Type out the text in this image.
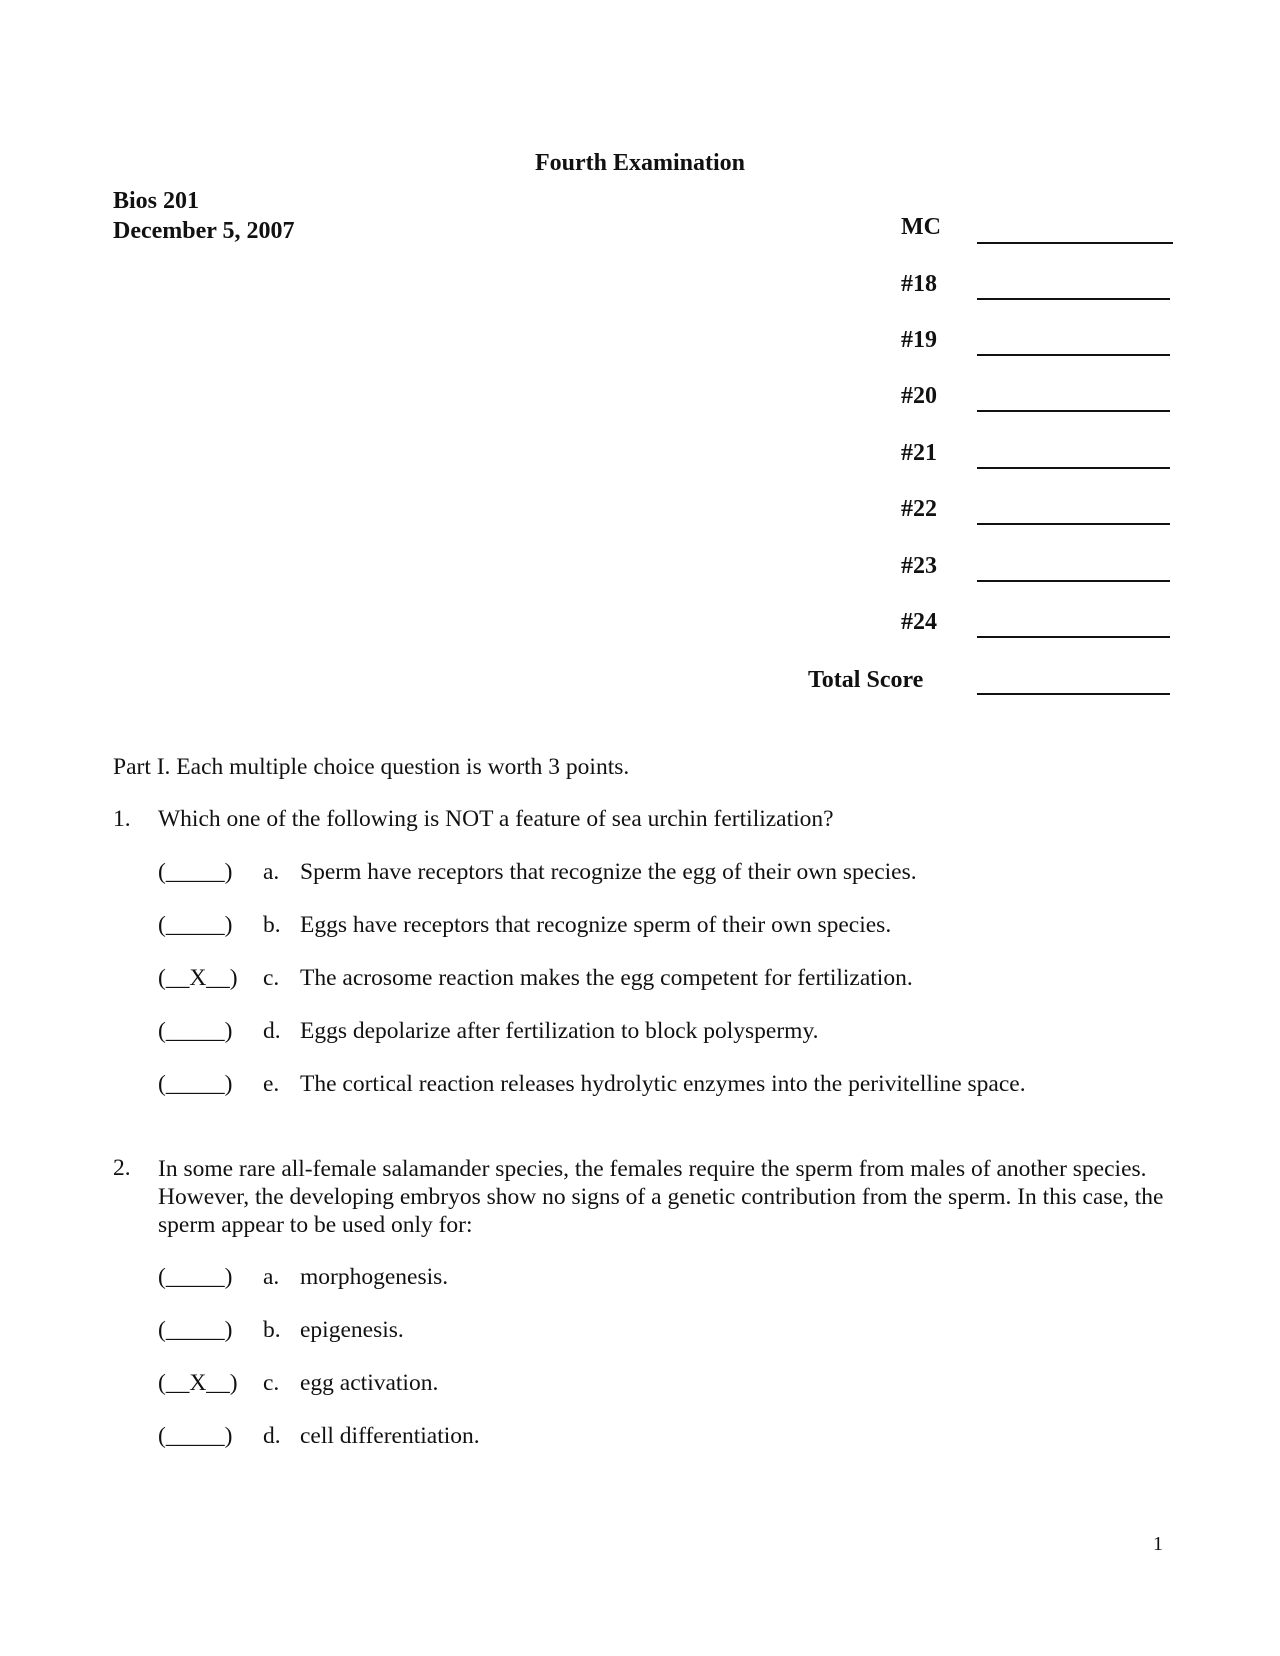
Fourth Examination
Bios 201
December 5, 2007	MC
#18
#19
#20
#21
#22
#23
#24
Total Score
Part I. Each multiple choice question is worth 3 points.
1. Which one of the following is NOT a feature of sea urchin fertilization?
(_____) a. Sperm have receptors that recognize the egg of their own species.
(_____) b. Eggs have receptors that recognize sperm of their own species.
(__X__) c. The acrosome reaction makes the egg competent for fertilization.
(_____) d. Eggs depolarize after fertilization to block polyspermy.
(_____) e. The cortical reaction releases hydrolytic enzymes into the perivitelline space.
2. In some rare all-female salamander species, the females require the sperm from males of another species. However, the developing embryos show no signs of a genetic contribution from the sperm. In this case, the sperm appear to be used only for:
(_____) a. morphogenesis.
(_____) b. epigenesis.
(__X__) c. egg activation.
(_____) d. cell differentiation.
1
